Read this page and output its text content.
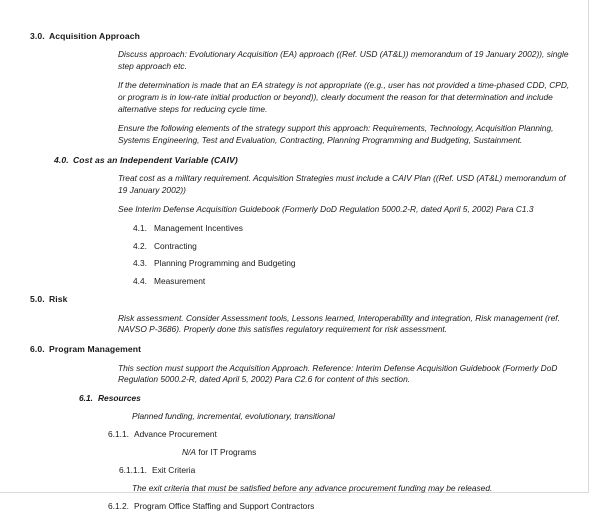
3.0. Acquisition Approach

Discuss approach: Evolutionary Acquisition (EA) approach ((Ref. USD (AT&L)) memorandum of 19 January 2002)), single step approach etc.

If the determination is made that an EA strategy is not appropriate ((e.g., user has not provided a time-phased CDD, CPD, or program is in low-rate initial production or beyond)), clearly document the reason for that determination and include alternative steps for reducing cycle time.

Ensure the following elements of the strategy support this approach: Requirements, Technology, Acquisition Planning, Systems Engineering, Test and Evaluation, Contracting, Planning Programming and Budgeting, Sustainment.

4.0. Cost as an Independent Variable (CAIV)

Treat cost as a military requirement. Acquisition Strategies must include a CAIV Plan ((Ref. USD (AT&L) memorandum of 19 January 2002))

See Interim Defense Acquisition Guidebook (Formerly DoD Regulation 5000.2-R, dated April 5, 2002) Para C1.3

4.1. Management Incentives
4.2. Contracting
4.3. Planning Programming and Budgeting
4.4. Measurement
5.0. Risk

Risk assessment. Consider Assessment tools, Lessons learned, Interoperability and integration, Risk management (ref. NAVSO P-3686). Properly done this satisfies regulatory requirement for risk assessment.

6.0. Program Management

This section must support the Acquisition Approach. Reference: Interim Defense Acquisition Guidebook (Formerly DoD Regulation 5000.2-R, dated April 5, 2002) Para C2.6 for content of this section.

6.1. Resources

Planned funding, incremental, evolutionary, transitional

6.1.1. Advance Procurement
N/A for IT Programs
6.1.1.1. Exit Criteria

The exit criteria that must be satisfied before any advance procurement funding may be released.

6.1.2. Program Office Staffing and Support Contractors
